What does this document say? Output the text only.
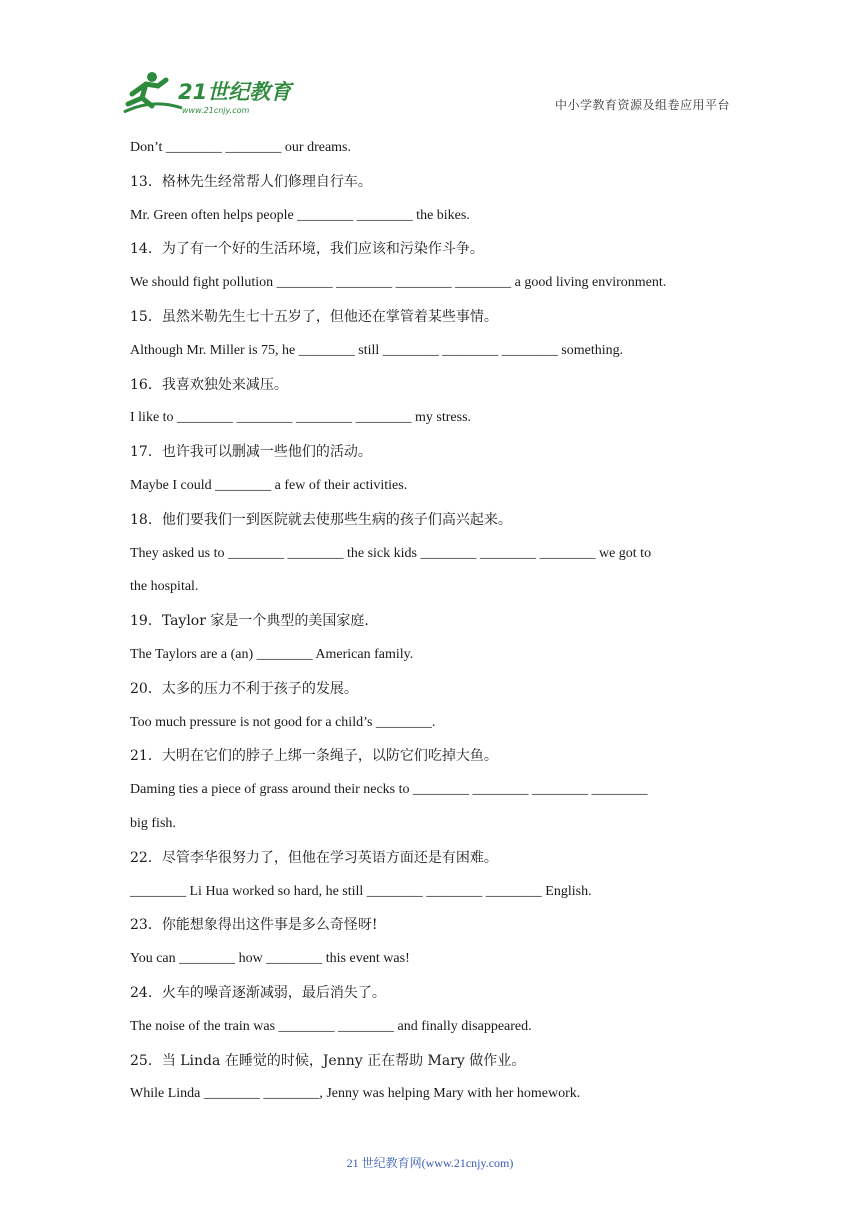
21世纪教育
www.21cnjy.com	中小学教育资源及组卷应用平台
Don’t ________ ________ our dreams.
13．格林先生经常帮人们修理自行车。
Mr. Green often helps people ________ ________ the bikes.
14．为了有一个好的生活环境，我们应该和污染作斗争。
We should fight pollution ________ ________ ________ ________ a good living environment.
15．虽然米勒先生七十五岁了，但他还在掌管着某些事情。
Although Mr. Miller is 75, he ________ still ________ ________ ________ something.
16．我喜欢独处来减压。
I like to ________ ________ ________ ________ my stress.
17．也许我可以删减一些他们的活动。
Maybe I could ________ a few of their activities.
18．他们要我们一到医院就去使那些生病的孩子们高兴起来。
They asked us to ________ ________ the sick kids ________ ________ ________ we got to
the hospital.
19．Taylor 家是一个典型的美国家庭.
The Taylors are a (an) ________ American family.
20．太多的压力不利于孩子的发展。
Too much pressure is not good for a child’s ________.
21．大明在它们的脖子上绑一条绳子，以防它们吃掉大鱼。
Daming ties a piece of grass around their necks to ________ ________ ________ ________
big fish.
22．尽管李华很努力了，但他在学习英语方面还是有困难。
________ Li Hua worked so hard, he still ________ ________ ________ English.
23．你能想象得出这件事是多么奇怪呀!
You can ________ how ________ this event was!
24．火车的噪音逐渐减弱，最后消失了。
The noise of the train was ________ ________ and finally disappeared.
25．当 Linda 在睡觉的时候，Jenny 正在帮助 Mary 做作业。
While Linda ________ ________, Jenny was helping Mary with her homework.
21 世纪教育网(www.21cnjy.com)
